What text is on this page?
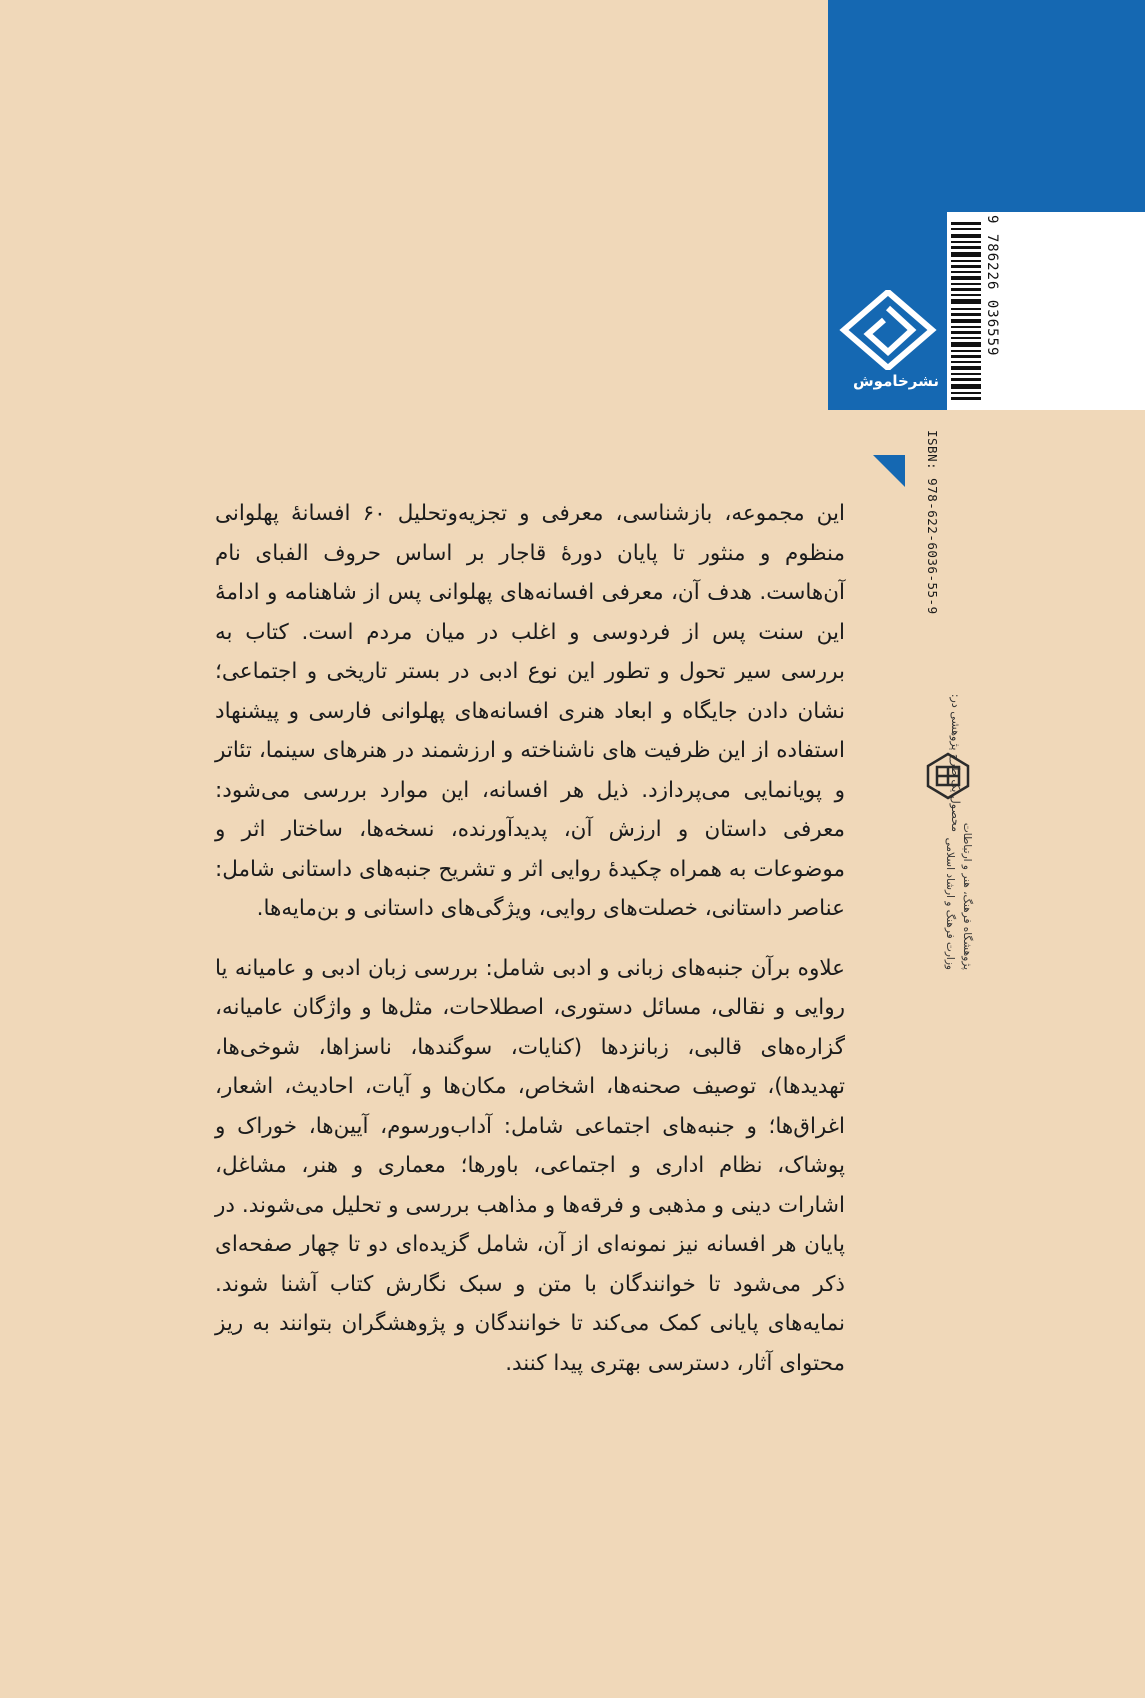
9 786226 036559
نشرخاموش
ISBN: 978-622-6036-55-9
محصول یک طرح پژوهشی در:
پژوهشگاه فرهنگ، هنر و ارتباطات
وزارت فرهنگ و ارشاد اسلامی

این مجموعه، بازشناسی، معرفی و تجزیه‌وتحلیل ۶۰ افسانهٔ پهلوانی منظوم و منثور تا پایان دورهٔ قاجار بر اساس حروف الفبای نام آن‌هاست. هدف آن، معرفی افسانه‌های پهلوانی پس از شاهنامه و ادامهٔ این سنت پس از فردوسی و اغلب در میان مردم است. کتاب به بررسی سیر تحول و تطور این نوع ادبی در بستر تاریخی و اجتماعی؛ نشان دادن جایگاه و ابعاد هنری افسانه‌های پهلوانی فارسی و پیشنهاد استفاده از این ظرفیت های ناشناخته و ارزشمند در هنرهای سینما، تئاتر و پویانمایی می‌پردازد. ذیل هر افسانه، این موارد بررسی می‌شود: معرفی داستان و ارزش آن، پدیدآورنده، نسخه‌ها، ساختار اثر و موضوعات به همراه چکیدهٔ روایی اثر و تشریح جنبه‌های داستانی شامل: عناصر داستانی، خصلت‌های روایی، ویژگی‌های داستانی و بن‌مایه‌ها.

علاوه برآن جنبه‌های زبانی و ادبی شامل: بررسی زبان ادبی و عامیانه یا روایی و نقالی، مسائل دستوری، اصطلاحات، مثل‌ها و واژگان عامیانه، گزاره‌های قالبی، زبانزدها (کنایات، سوگندها، ناسزاها، شوخی‌ها، تهدیدها)، توصیف صحنه‌ها، اشخاص، مکان‌ها و آیات، احادیث، اشعار، اغراق‌ها؛ و جنبه‌های اجتماعی شامل: آداب‌ورسوم، آیین‌ها، خوراک و پوشاک، نظام اداری و اجتماعی، باورها؛ معماری و هنر، مشاغل، اشارات دینی و مذهبی و فرقه‌ها و مذاهب بررسی و تحلیل می‌شوند. در پایان هر افسانه نیز نمونه‌ای از آن، شامل گزیده‌ای دو تا چهار صفحه‌ای ذکر می‌شود تا خوانندگان با متن و سبک نگارش کتاب آشنا شوند. نمایه‌های پایانی کمک می‌کند تا خوانندگان و پژوهشگران بتوانند به ریز محتوای آثار، دسترسی بهتری پیدا کنند.
